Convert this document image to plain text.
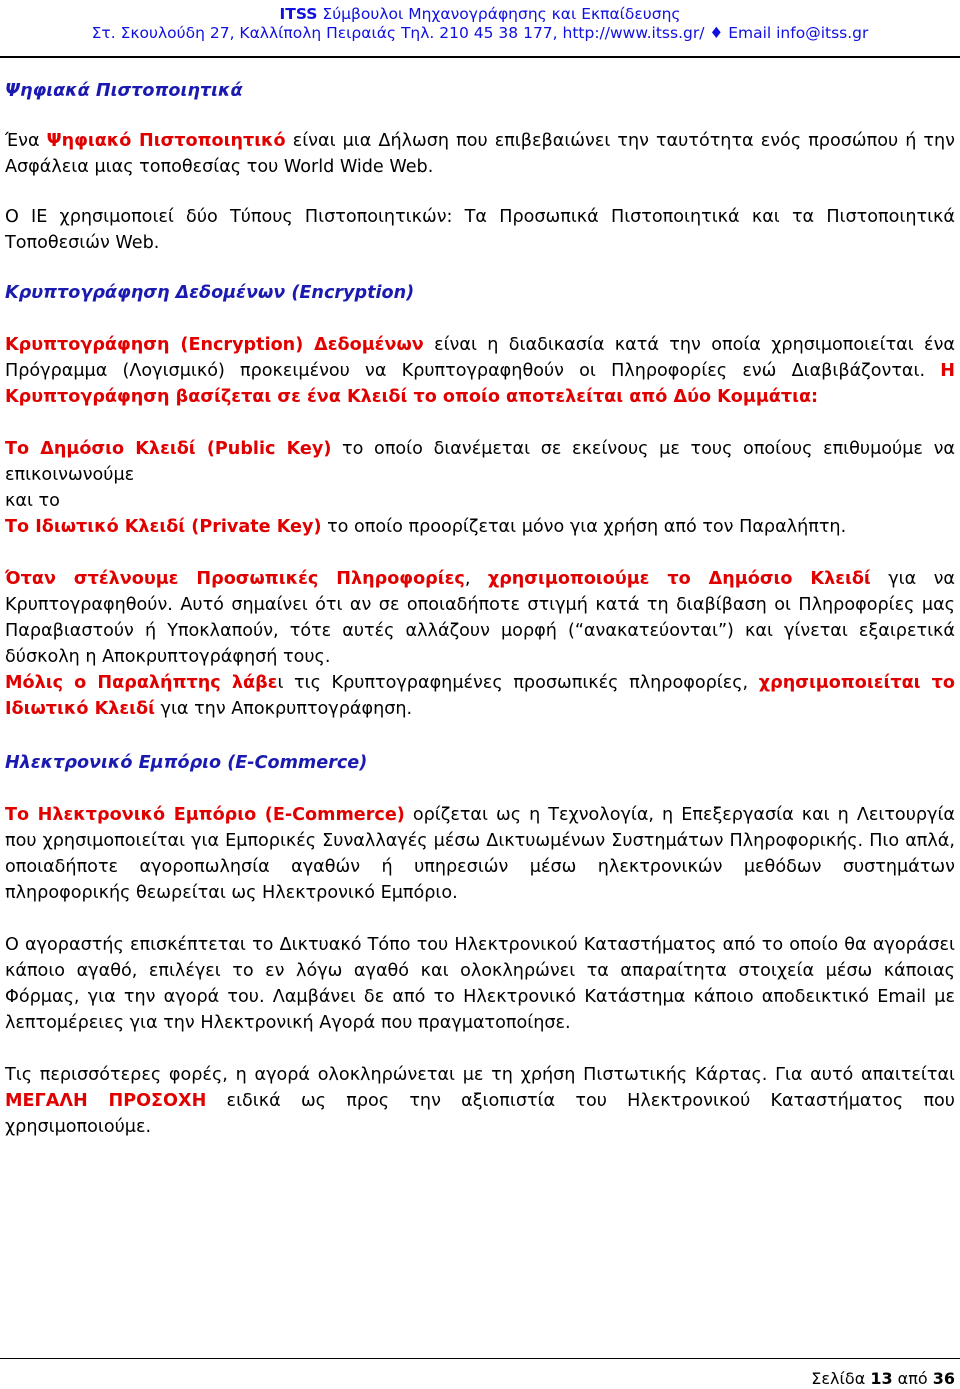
ITSS Σύμβουλοι Μηχανογράφησης και Εκπαίδευσης
Στ. Σκουλούδη 27, Καλλίπολη Πειραιάς Τηλ. 210 45 38 177, http://www.itss.gr/ ♦ Email info@itss.gr

Ψηφιακά Πιστοποιητικά

Ένα Ψηφιακό Πιστοποιητικό είναι μια Δήλωση που επιβεβαιώνει την ταυτότητα ενός προσώπου ή την Ασφάλεια μιας τοποθεσίας του World Wide Web.

O IE χρησιμοποιεί δύο Τύπους Πιστοποιητικών: Τα Προσωπικά Πιστοποιητικά και τα Πιστοποιητικά Τοποθεσιών Web.

Κρυπτογράφηση Δεδομένων (Encryption)

Κρυπτογράφηση (Encryption) Δεδομένων είναι η διαδικασία κατά την οποία χρησιμοποιείται ένα Πρόγραμμα (Λογισμικό) προκειμένου να Κρυπτογραφηθούν οι Πληροφορίες ενώ Διαβιβάζονται. Η Κρυπτογράφηση βασίζεται σε ένα Κλειδί το οποίο αποτελείται από Δύο Κομμάτια:

Το Δημόσιο Κλειδί (Public Key) το οποίο διανέμεται σε εκείνους με τους οποίους επιθυμούμε να επικοινωνούμε
και το
Το Ιδιωτικό Κλειδί (Private Key) το οποίο προορίζεται μόνο για χρήση από τον Παραλήπτη.

Όταν στέλνουμε Προσωπικές Πληροφορίες, χρησιμοποιούμε το Δημόσιο Κλειδί για να Κρυπτογραφηθούν. Αυτό σημαίνει ότι αν σε οποιαδήποτε στιγμή κατά τη διαβίβαση οι Πληροφορίες μας Παραβιαστούν ή Υποκλαπούν, τότε αυτές αλλάζουν μορφή (“ανακατεύονται”) και γίνεται εξαιρετικά δύσκολη η Αποκρυπτογράφησή τους.
Μόλις ο Παραλήπτης λάβει τις Κρυπτογραφημένες προσωπικές πληροφορίες, χρησιμοποιείται το Ιδιωτικό Κλειδί για την Αποκρυπτογράφηση.

Ηλεκτρονικό Εμπόριο (E-Commerce)

Το Ηλεκτρονικό Εμπόριο (E-Commerce) ορίζεται ως η Τεχνολογία, η Επεξεργασία και η Λειτουργία που χρησιμοποιείται για Εμπορικές Συναλλαγές μέσω Δικτυωμένων Συστημάτων Πληροφορικής. Πιο απλά, οποιαδήποτε αγοροπωλησία αγαθών ή υπηρεσιών μέσω ηλεκτρονικών μεθόδων συστημάτων πληροφορικής θεωρείται ως Ηλεκτρονικό Εμπόριο.

Ο αγοραστής επισκέπτεται το Δικτυακό Τόπο του Ηλεκτρονικού Καταστήματος από το οποίο θα αγοράσει κάποιο αγαθό, επιλέγει το εν λόγω αγαθό και ολοκληρώνει τα απαραίτητα στοιχεία μέσω κάποιας Φόρμας, για την αγορά του. Λαμβάνει δε από το Ηλεκτρονικό Κατάστημα κάποιο αποδεικτικό Email με λεπτομέρειες για την Ηλεκτρονική Αγορά που πραγματοποίησε.

Τις περισσότερες φορές, η αγορά ολοκληρώνεται με τη χρήση Πιστωτικής Κάρτας. Για αυτό απαιτείται ΜΕΓΑΛΗ ΠΡΟΣΟΧΗ ειδικά ως προς την αξιοπιστία του Ηλεκτρονικού Καταστήματος που χρησιμοποιούμε.

Σελίδα 13 από 36
